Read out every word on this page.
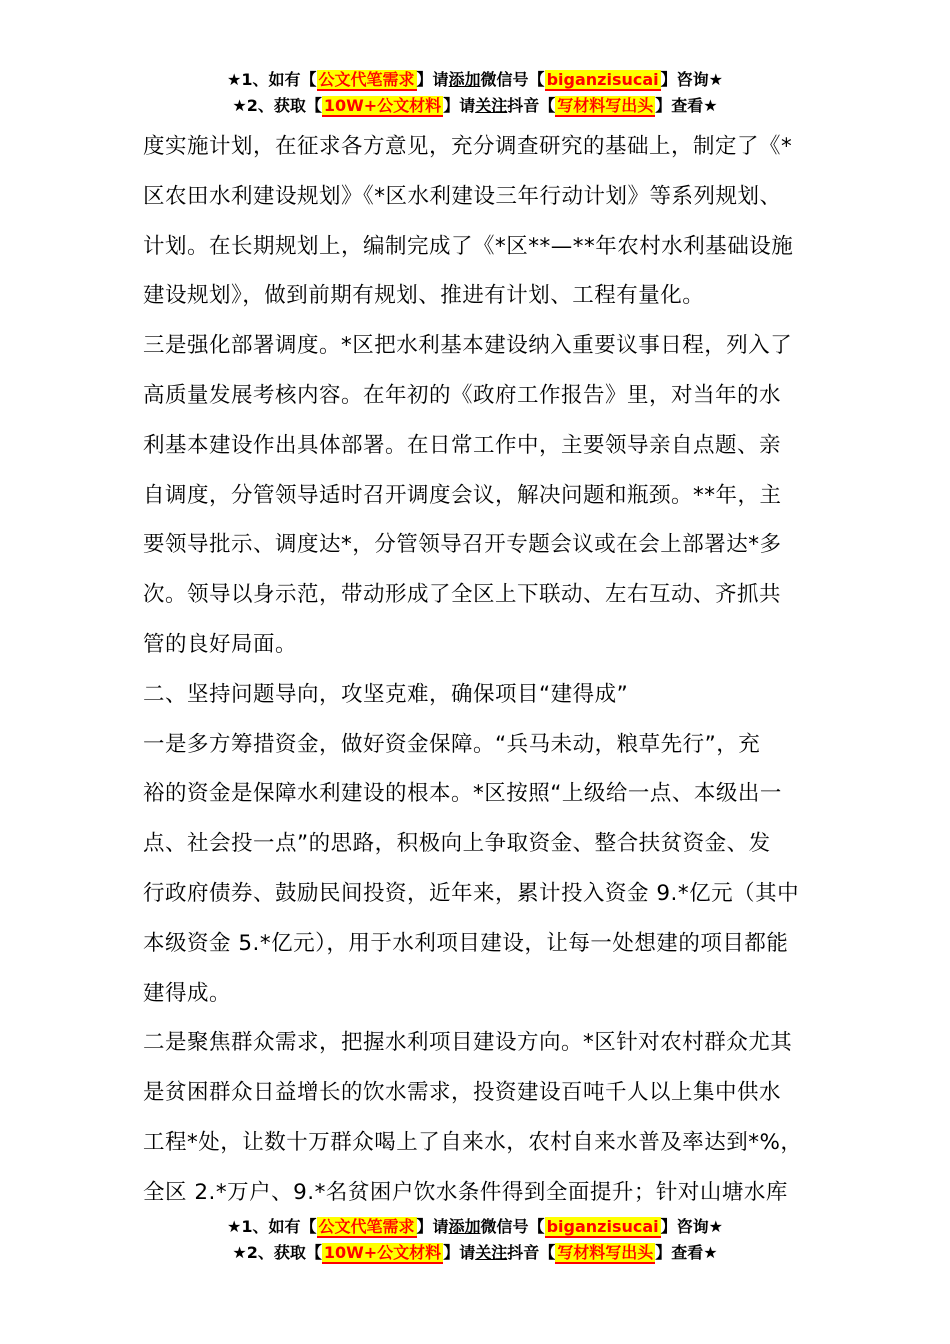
★1、如有【 公文代笔需求 】请添加微信号【 biganzisucai 】咨询★
★2、获取【 10W+公文材料 】请关注抖音【 写材料写出头 】查看★
度实施计划，在征求各方意见，充分调查研究的基础上，制定了《*
区农田水利建设规划》《*区水利建设三年行动计划》等系列规划、
计划。在长期规划上，编制完成了《*区**—**年农村水利基础设施
建设规划》，做到前期有规划、推进有计划、工程有量化。
三是强化部署调度。*区把水利基本建设纳入重要议事日程，列入了
高质量发展考核内容。在年初的《政府工作报告》里，对当年的水
利基本建设作出具体部署。在日常工作中，主要领导亲自点题、亲
自调度，分管领导适时召开调度会议，解决问题和瓶颈。**年，主
要领导批示、调度达*，分管领导召开专题会议或在会上部署达*多
次。领导以身示范，带动形成了全区上下联动、左右互动、齐抓共
管的良好局面。
二、坚持问题导向，攻坚克难，确保项目“建得成”
一是多方筹措资金，做好资金保障。“兵马未动，粮草先行”，充
裕的资金是保障水利建设的根本。*区按照“上级给一点、本级出一
点、社会投一点”的思路，积极向上争取资金、整合扶贫资金、发
行政府债券、鼓励民间投资，近年来，累计投入资金 9.*亿元（其中
本级资金 5.*亿元），用于水利项目建设，让每一处想建的项目都能
建得成。
二是聚焦群众需求，把握水利项目建设方向。*区针对农村群众尤其
是贫困群众日益增长的饮水需求，投资建设百吨千人以上集中供水
工程*处，让数十万群众喝上了自来水，农村自来水普及率达到*%，
全区 2.*万户、9.*名贫困户饮水条件得到全面提升；针对山塘水库
★1、如有【 公文代笔需求 】请添加微信号【 biganzisucai 】咨询★
★2、获取【 10W+公文材料 】请关注抖音【 写材料写出头 】查看★
